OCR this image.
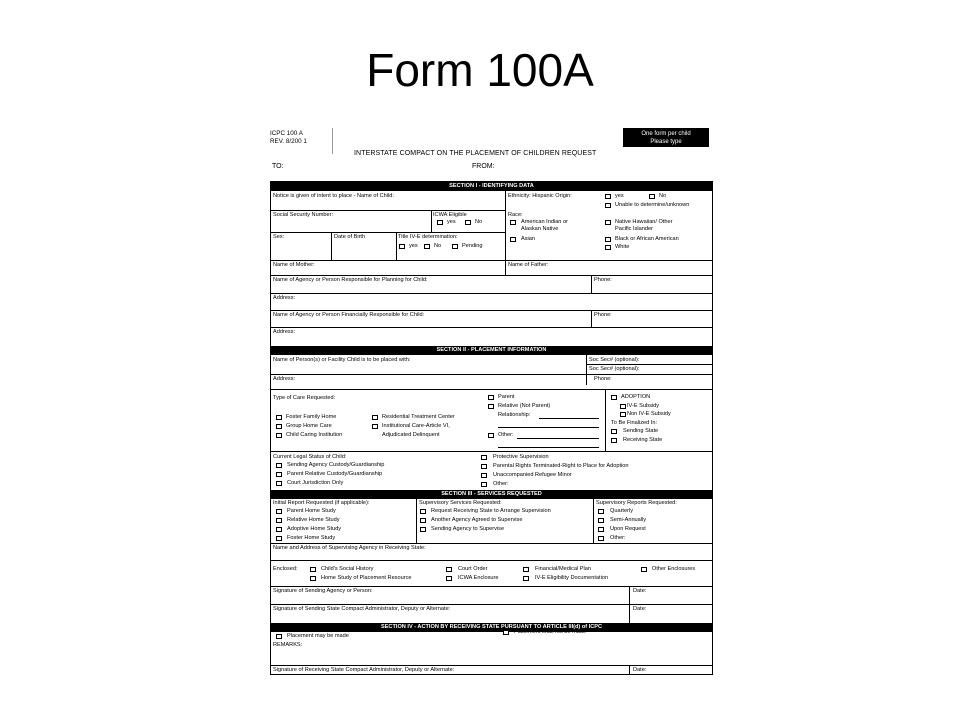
Form 100A
ICPC 100 A
REV. 8/200 1
One form per child
Please type
INTERSTATE COMPACT ON THE PLACEMENT OF CHILDREN REQUEST
TO:	FROM:
SECTION I - IDENTIFYING DATA
Notice is given of intent to place - Name of Child:	Ethnicity: Hispanic Origin:	yes	No
Unable to determine/unknown
Social Security Number:	ICWA Eligible
yes	No
Race:
American Indian or
Alaskan Native
Asian
Native Hawaiian/ Other
Pacific Islander
Black or African American
White
Sex:	Date of Birth	Title IV-E determination:
yes	No	Pending
Name of Mother:	Name of Father:
Name of Agency or Person Responsible for Planning for Child:	Phone:
Address:
Name of Agency or Person Financially Responsible for Child:	Phone:
Address:
SECTION II - PLACEMENT INFORMATION
Name of Person(s) or Facility Child is to be placed with:	Soc Sec# (optional):
Soc Sec# (optional):
Address:	Phone:
Type of Care Requested:
Foster Family Home
Group Home Care
Child Caring Institution
Residential Treatment Center
Institutional Care-Article VI,
Adjudicated Delinquent
Parent
Relative (Not Parent)
Relationship:
Other:
ADOPTION
IV-E Subsidy
Non IV-E Subsidy
To Be Finalized In:
Sending State
Receiving State
Current Legal Status of Child:
Sending Agency Custody/Guardianship
Parent Relative Custody/Guardianship
Court Jurisdiction Only
Protective Supervision
Parental Rights Terminated-Right to Place for Adoption
Unaccompanied Refugee Minor
Other:
SECTION III - SERVICES REQUESTED
Initial Report Requested (if applicable):
Parent Home Study
Relative Home Study
Adoptive Home Study
Foster Home Study
Supervisory Services Requested:
Request Receiving State to Arrange Supervision
Another Agency Agreed to Supervise
Sending Agency to Supervise
Supervisory Reports Requested:
Quarterly
Semi-Annually
Upon Request
Other:
Name and Address of Supervising Agency in Receiving State:
Enclosed:	Child's Social History
Home Study of Placement Resource
Court Order
ICWA Enclosure
Financial/Medical Plan
IV-E Eligibility Documentation
Other Enclosures
Signature of Sending Agency or Person:	Date:
Signature of Sending State Compact Administrator, Deputy or Alternate:	Date:
SECTION IV - ACTION BY RECEIVING STATE PURSUANT TO ARTICLE III(d) of ICPC
Placement may be made
Placement shall not be made
REMARKS:
Signature of Receiving State Compact Administrator, Deputy or Alternate:	Date:
